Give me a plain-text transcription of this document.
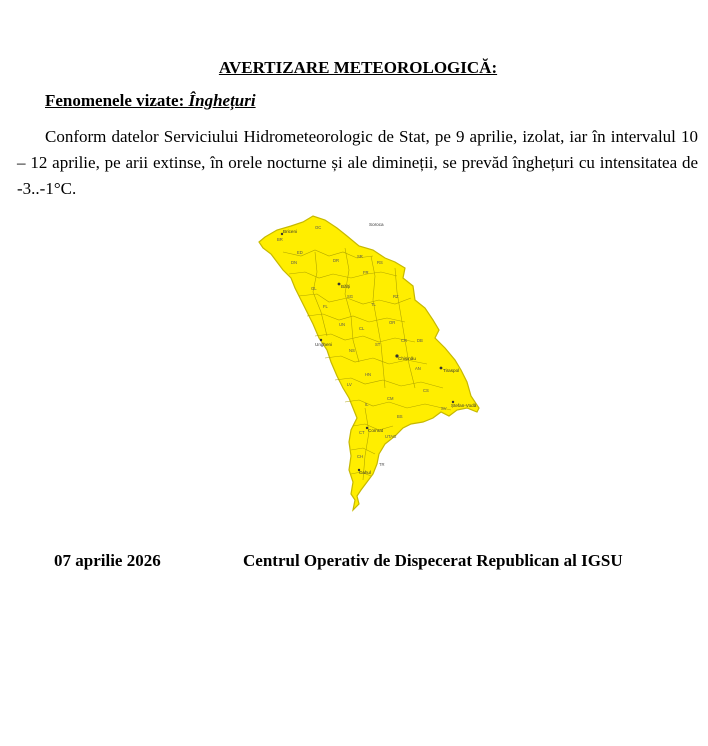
AVERTIZARE METEOROLOGICĂ:
Fenomenele vizate: Înghețuri
Conform datelor Serviciului Hidrometeorologic de Stat, pe 9 aprilie, izolat, iar în intervalul 10 – 12 aprilie, pe arii extinse, în orele nocturne și ale dimineții, se prevăd înghețuri cu intensitatea de -3..-1°C.
Briceni
Bălți
Chișinău
Tiraspol
Comrat
Cahul
Ungheni
Soroca
Ștefan-Vodă
BR
OC
ED
DN
SR
RS
FR
DR
GL
SG
FL
RZ
UN
TL
CL
OR
NS
ST
CR DB
HN
IL
AN
CS
LV
CM
BS
CT
TR
CH
SV
UTAG
07 aprilie 2026	Centrul Operativ de Dispecerat Republican al IGSU
